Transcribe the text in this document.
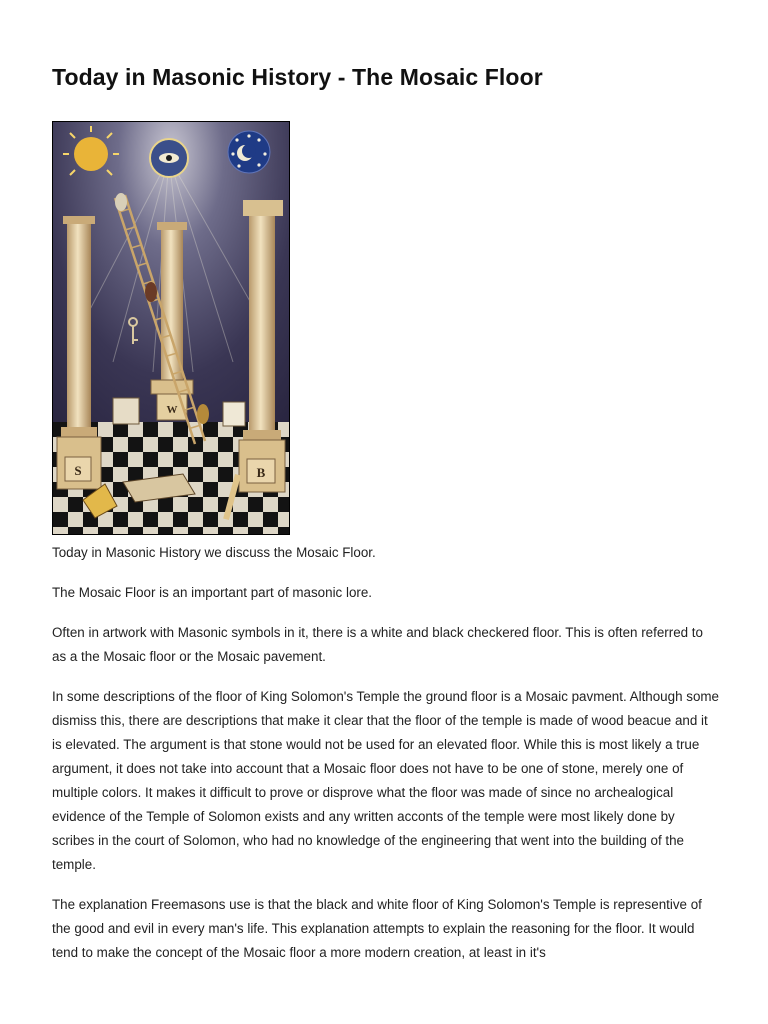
Today in Masonic History - The Mosaic Floor
S
W
B

Today in Masonic History we discuss the Mosaic Floor.

The Mosaic Floor is an important part of masonic lore.

Often in artwork with Masonic symbols in it, there is a white and black checkered floor. This is often referred to as a the Mosaic floor or the Mosaic pavement.

In some descriptions of the floor of King Solomon's Temple the ground floor is a Mosaic pavment. Although some dismiss this, there are descriptions that make it clear that the floor of the temple is made of wood beacue and it is elevated. The argument is that stone would not be used for an elevated floor. While this is most likely a true argument, it does not take into account that a Mosaic floor does not have to be one of stone, merely one of multiple colors. It makes it difficult to prove or disprove what the floor was made of since no archealogical evidence of the Temple of Solomon exists and any written acconts of the temple were most likely done by scribes in the court of Solomon, who had no knowledge of the engineering that went into the building of the temple.

The explanation Freemasons use is that the black and white floor of King Solomon's Temple is representive of the good and evil in every man's life. This explanation attempts to explain the reasoning for the floor. It would tend to make the concept of the Mosaic floor a more modern creation, at least in it's
